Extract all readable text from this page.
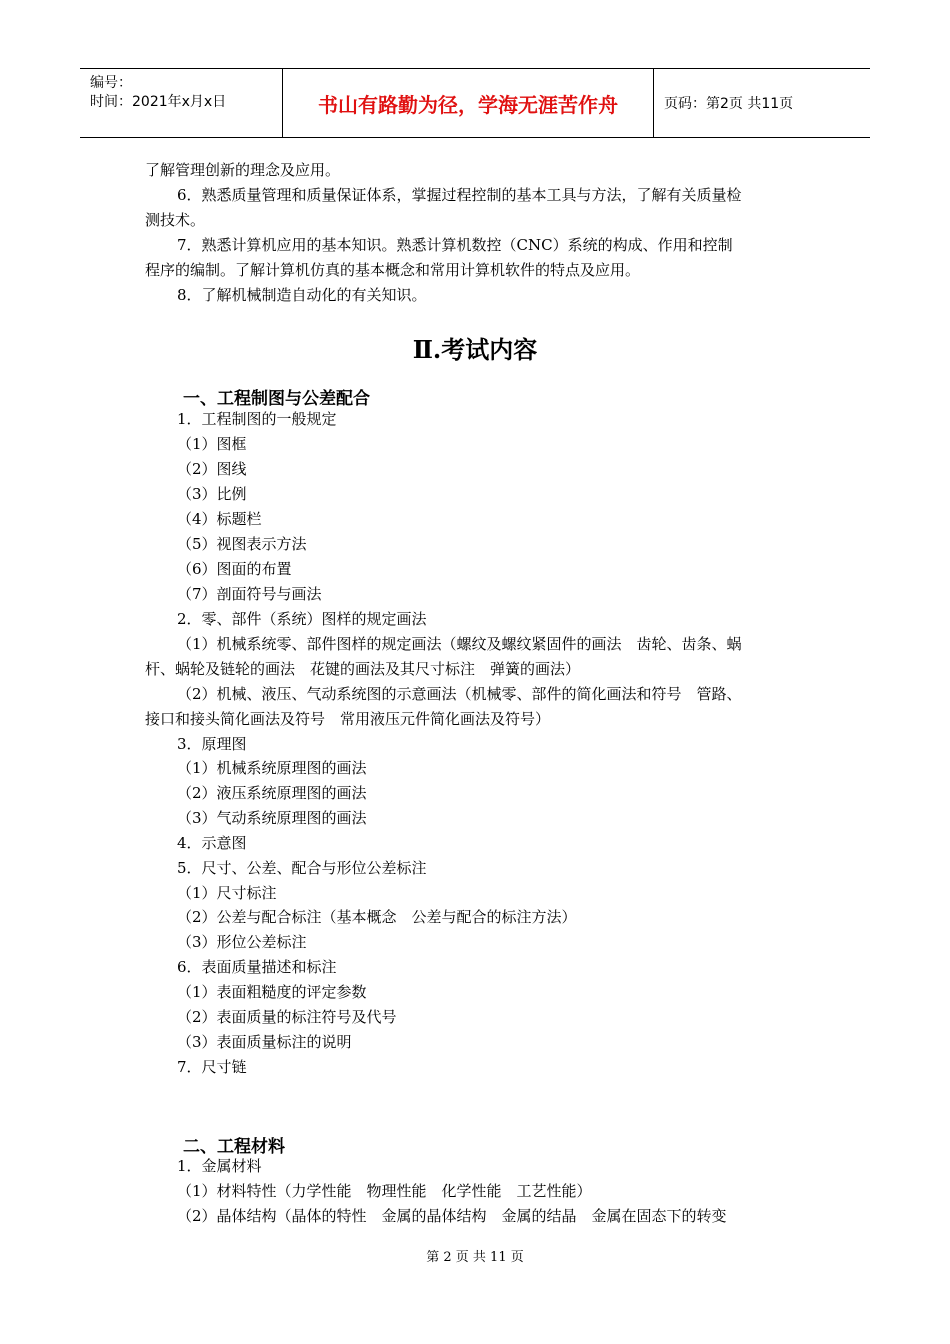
编号：
时间：2021年x月x日	书山有路勤为径，学海无涯苦作舟	页码：第2页 共11页
了解管理创新的理念及应用。
6．熟悉质量管理和质量保证体系，掌握过程控制的基本工具与方法，了解有关质量检
测技术。
7．熟悉计算机应用的基本知识。熟悉计算机数控（CNC）系统的构成、作用和控制
程序的编制。了解计算机仿真的基本概念和常用计算机软件的特点及应用。
8．了解机械制造自动化的有关知识。
Ⅱ.考试内容
一、工程制图与公差配合
1．工程制图的一般规定
（1）图框
（2）图线
（3）比例
（4）标题栏
（5）视图表示方法
（6）图面的布置
（7）剖面符号与画法
2．零、部件（系统）图样的规定画法
（1）机械系统零、部件图样的规定画法（螺纹及螺纹紧固件的画法　齿轮、齿条、蜗
杆、蜗轮及链轮的画法　花键的画法及其尺寸标注　弹簧的画法）
（2）机械、液压、气动系统图的示意画法（机械零、部件的简化画法和符号　管路、
接口和接头简化画法及符号　常用液压元件简化画法及符号）
3．原理图
（1）机械系统原理图的画法
（2）液压系统原理图的画法
（3）气动系统原理图的画法
4．示意图
5．尺寸、公差、配合与形位公差标注
（1）尺寸标注
（2）公差与配合标注（基本概念　公差与配合的标注方法）
（3）形位公差标注
6．表面质量描述和标注
（1）表面粗糙度的评定参数
（2）表面质量的标注符号及代号
（3）表面质量标注的说明
7．尺寸链
二、工程材料
1．金属材料
（1）材料特性（力学性能　物理性能　化学性能　工艺性能）
（2）晶体结构（晶体的特性　金属的晶体结构　金属的结晶　金属在固态下的转变
第 2 页 共 11 页
